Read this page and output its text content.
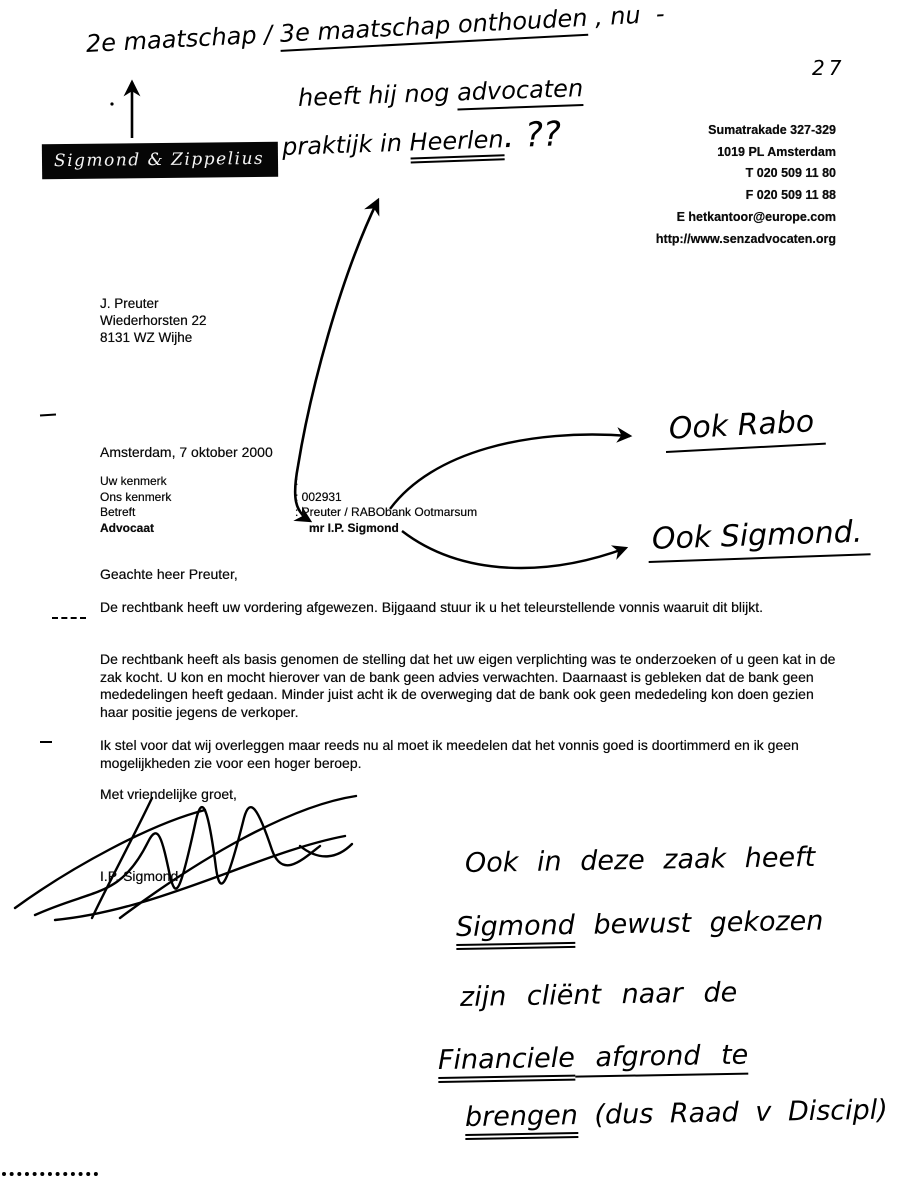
2e maatschap / 3e maatschap onthouden , nu  -
heeft hij nog advocaten
praktijk in Heerlen. ??
27
Sigmond & Zippelius
Sumatrakade 327-329
1019 PL Amsterdam
T 020 509 11 80
F 020 509 11 88
E hetkantoor@europe.com
http://www.senzadvocaten.org
J. Preuter
Wiederhorsten 22
8131 WZ Wijhe
Amsterdam, 7 oktober 2000
Uw kenmerk	:
Ons kenmerk	: 002931
Betreft	: Preuter / RABObank Ootmarsum
Advocaat	mr I.P. Sigmond
Ook Rabo
Ook Sigmond.
Geachte heer Preuter,
De rechtbank heeft uw vordering afgewezen. Bijgaand stuur ik u het teleurstellende vonnis waaruit dit blijkt.
De rechtbank heeft als basis genomen de stelling dat het uw eigen verplichting was te onderzoeken of u geen kat in de zak kocht. U kon en mocht hierover van de bank geen advies verwachten. Daarnaast is gebleken dat de bank geen mededelingen heeft gedaan. Minder juist acht ik de overweging dat de bank ook geen mededeling kon doen gezien haar positie jegens de verkoper.
Ik stel voor dat wij overleggen maar reeds nu al moet ik meedelen dat het vonnis goed is doortimmerd en ik geen mogelijkheden zie voor een hoger beroep.
Met vriendelijke groet,
I.P. Sigmond	Ook in deze zaak heeft
Sigmond bewust gekozen
zijn cliënt naar de
Financiele afgrond te
brengen (dus Raad v Discipl)
